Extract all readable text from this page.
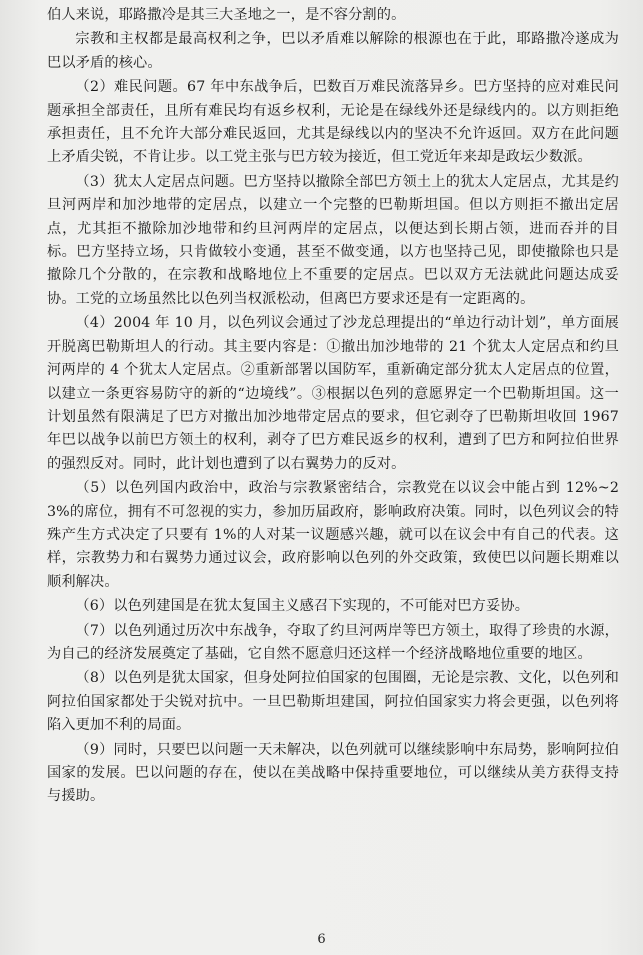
伯人来说，耶路撒冷是其三大圣地之一，是不容分割的。

宗教和主权都是最高权利之争，巴以矛盾难以解除的根源也在于此，耶路撒冷遂成为巴以矛盾的核心。

（2）难民问题。67 年中东战争后，巴数百万难民流落异乡。巴方坚持的应对难民问题承担全部责任，且所有难民均有返乡权利，无论是在绿线外还是绿线内的。以方则拒绝承担责任，且不允许大部分难民返回，尤其是绿线以内的坚决不允许返回。双方在此问题上矛盾尖锐，不肯让步。以工党主张与巴方较为接近，但工党近年来却是政坛少数派。

（3）犹太人定居点问题。巴方坚持以撤除全部巴方领土上的犹太人定居点，尤其是约旦河两岸和加沙地带的定居点，以建立一个完整的巴勒斯坦国。但以方则拒不撤出定居点，尤其拒不撤除加沙地带和约旦河两岸的定居点，以便达到长期占领，进而吞并的目标。巴方坚持立场，只肯做较小变通，甚至不做变通，以方也坚持己见，即使撤除也只是撤除几个分散的，在宗教和战略地位上不重要的定居点。巴以双方无法就此问题达成妥协。工党的立场虽然比以色列当权派松动，但离巴方要求还是有一定距离的。

（4）2004 年 10 月，以色列议会通过了沙龙总理提出的“单边行动计划”，单方面展开脱离巴勒斯坦人的行动。其主要内容是：①撤出加沙地带的 21 个犹太人定居点和约旦河两岸的 4 个犹太人定居点。②重新部署以国防军，重新确定部分犹太人定居点的位置，以建立一条更容易防守的新的“边境线”。③根据以色列的意愿界定一个巴勒斯坦国。这一计划虽然有限满足了巴方对撤出加沙地带定居点的要求，但它剥夺了巴勒斯坦收回 1967 年巴以战争以前巴方领土的权利，剥夺了巴方难民返乡的权利，遭到了巴方和阿拉伯世界的强烈反对。同时，此计划也遭到了以右翼势力的反对。

（5）以色列国内政治中，政治与宗教紧密结合，宗教党在以议会中能占到 12%~23%的席位，拥有不可忽视的实力，参加历届政府，影响政府决策。同时，以色列议会的特殊产生方式决定了只要有 1%的人对某一议题感兴趣，就可以在议会中有自己的代表。这样，宗教势力和右翼势力通过议会，政府影响以色列的外交政策，致使巴以问题长期难以顺利解决。

（6）以色列建国是在犹太复国主义感召下实现的，不可能对巴方妥协。

（7）以色列通过历次中东战争，夺取了约旦河两岸等巴方领土，取得了珍贵的水源，为自己的经济发展奠定了基础，它自然不愿意归还这样一个经济战略地位重要的地区。

（8）以色列是犹太国家，但身处阿拉伯国家的包围圈，无论是宗教、文化，以色列和阿拉伯国家都处于尖锐对抗中。一旦巴勒斯坦建国，阿拉伯国家实力将会更强，以色列将陷入更加不利的局面。

（9）同时，只要巴以问题一天未解决，以色列就可以继续影响中东局势，影响阿拉伯国家的发展。巴以问题的存在，使以在美战略中保持重要地位，可以继续从美方获得支持与援助。

6
